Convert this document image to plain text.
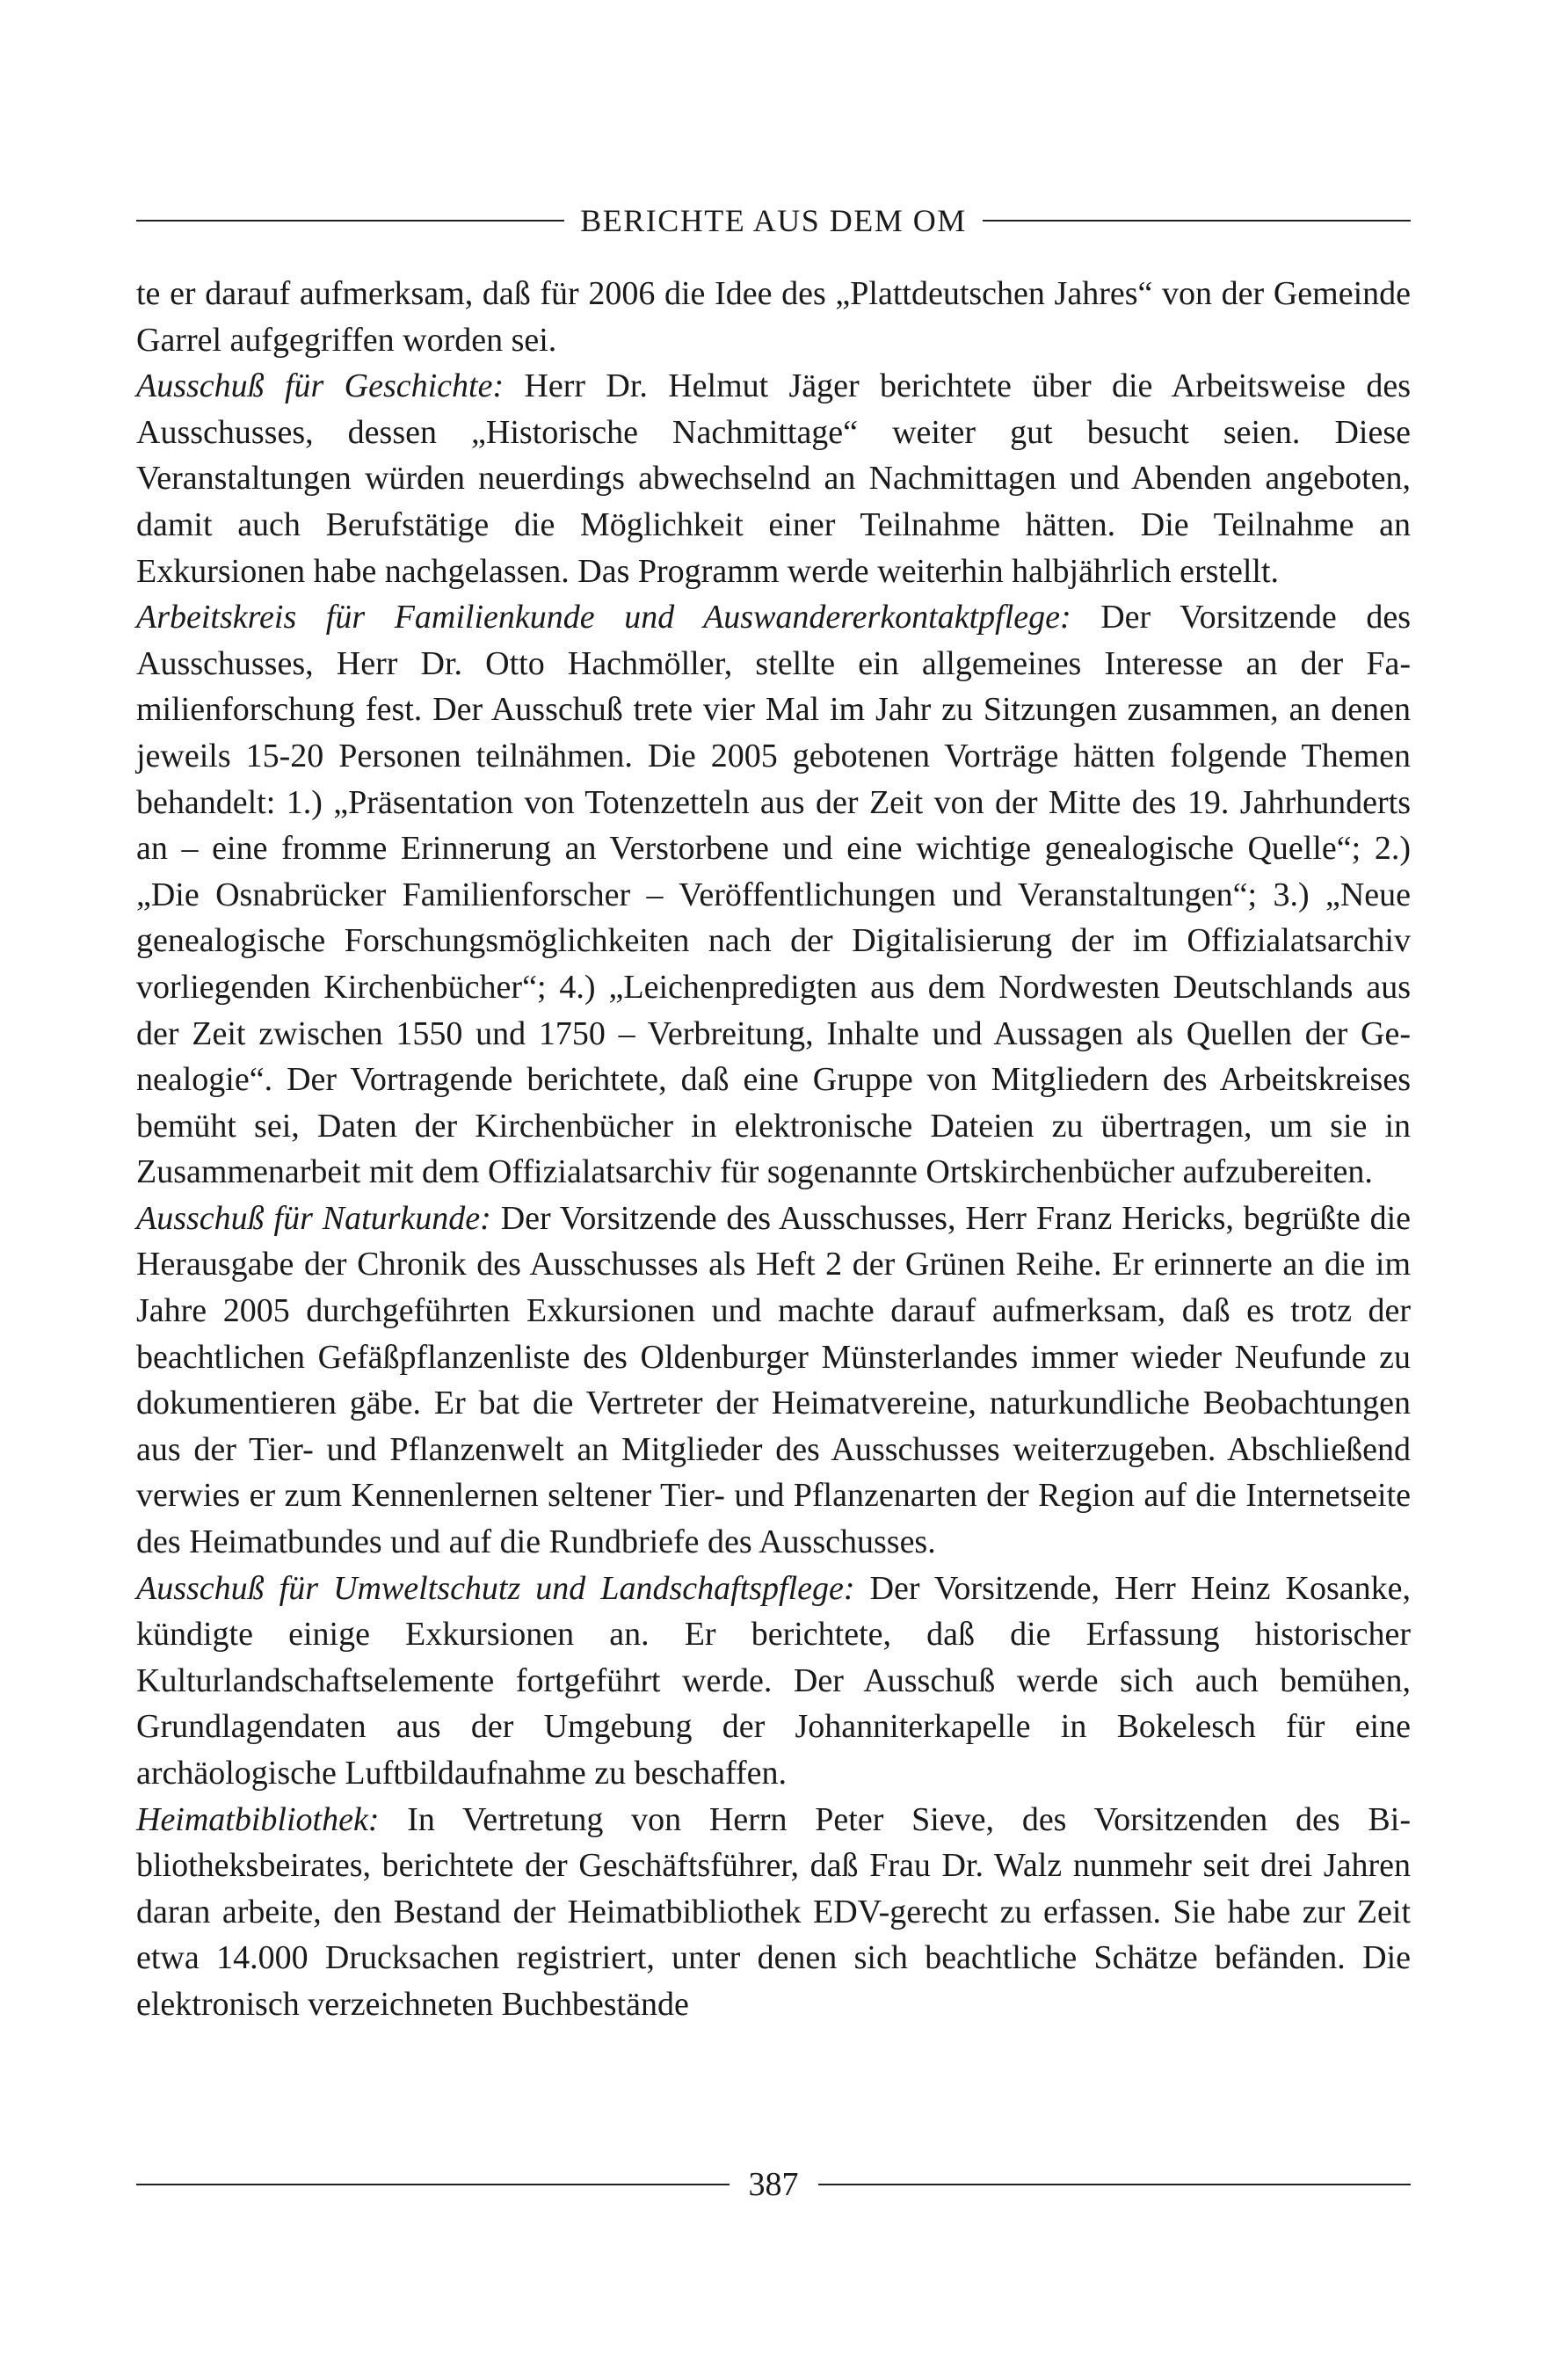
BERICHTE AUS DEM OM

te er darauf aufmerksam, daß für 2006 die Idee des „Plattdeutschen Jahres“ von der Gemeinde Garrel aufgegriffen worden sei.

Ausschuß für Geschichte: Herr Dr. Helmut Jäger berichtete über die Arbeitsweise des Ausschusses, dessen „Historische Nachmittage“ weiter gut besucht seien. Diese Veranstaltungen würden neuerdings abwechselnd an Nachmittagen und Abenden angeboten, damit auch Berufstätige die Möglichkeit einer Teilnahme hätten. Die Teilnahme an Exkursionen habe nachgelassen. Das Programm werde weiterhin halbjährlich erstellt.

Arbeitskreis für Familienkunde und Auswandererkontaktpflege: Der Vorsitzende des Ausschusses, Herr Dr. Otto Hachmöller, stellte ein allgemeines Interesse an der Familienforschung fest. Der Ausschuß trete vier Mal im Jahr zu Sitzungen zusammen, an denen jeweils 15-20 Personen teilnähmen. Die 2005 gebotenen Vorträge hätten folgende Themen behandelt: 1.) „Präsentation von Totenzetteln aus der Zeit von der Mitte des 19. Jahrhunderts an – eine fromme Erinnerung an Verstorbene und eine wichtige genealogische Quelle“; 2.) „Die Osnabrücker Familienforscher – Veröffentlichungen und Veranstaltungen“; 3.) „Neue genealogische Forschungsmöglichkeiten nach der Digitalisierung der im Offizialatsarchiv vorliegenden Kirchenbücher“; 4.) „Leichenpredigten aus dem Nordwesten Deutschlands aus der Zeit zwischen 1550 und 1750 – Verbreitung, Inhalte und Aussagen als Quellen der Genealogie“. Der Vortragende berichtete, daß eine Gruppe von Mitgliedern des Arbeitskreises bemüht sei, Daten der Kirchenbücher in elektronische Dateien zu übertragen, um sie in Zusammenarbeit mit dem Offizialatsarchiv für sogenannte Ortskirchenbücher aufzubereiten.

Ausschuß für Naturkunde: Der Vorsitzende des Ausschusses, Herr Franz Hericks, begrüßte die Herausgabe der Chronik des Ausschusses als Heft 2 der Grünen Reihe. Er erinnerte an die im Jahre 2005 durchgeführten Exkursionen und machte darauf aufmerksam, daß es trotz der beachtlichen Gefäßpflanzenliste des Oldenburger Münsterlandes immer wieder Neufunde zu dokumentieren gäbe. Er bat die Vertreter der Heimatvereine, naturkundliche Beobachtungen aus der Tier- und Pflanzenwelt an Mitglieder des Ausschusses weiterzugeben. Abschließend verwies er zum Kennenlernen seltener Tier- und Pflanzenarten der Region auf die Internetseite des Heimatbundes und auf die Rundbriefe des Ausschusses.

Ausschuß für Umweltschutz und Landschaftspflege: Der Vorsitzende, Herr Heinz Kosanke, kündigte einige Exkursionen an. Er berichtete, daß die Erfassung historischer Kulturlandschaftselemente fortgeführt werde. Der Ausschuß werde sich auch bemühen, Grundlagendaten aus der Umgebung der Johanniterkapelle in Bokelesch für eine archäologische Luftbildaufnahme zu beschaffen.

Heimatbibliothek: In Vertretung von Herrn Peter Sieve, des Vorsitzenden des Bibliotheksbeirates, berichtete der Geschäftsführer, daß Frau Dr. Walz nunmehr seit drei Jahren daran arbeite, den Bestand der Heimatbibliothek EDV-gerecht zu erfassen. Sie habe zur Zeit etwa 14.000 Drucksachen registriert, unter denen sich beachtliche Schätze befänden. Die elektronisch verzeichneten Buchbestände

387
